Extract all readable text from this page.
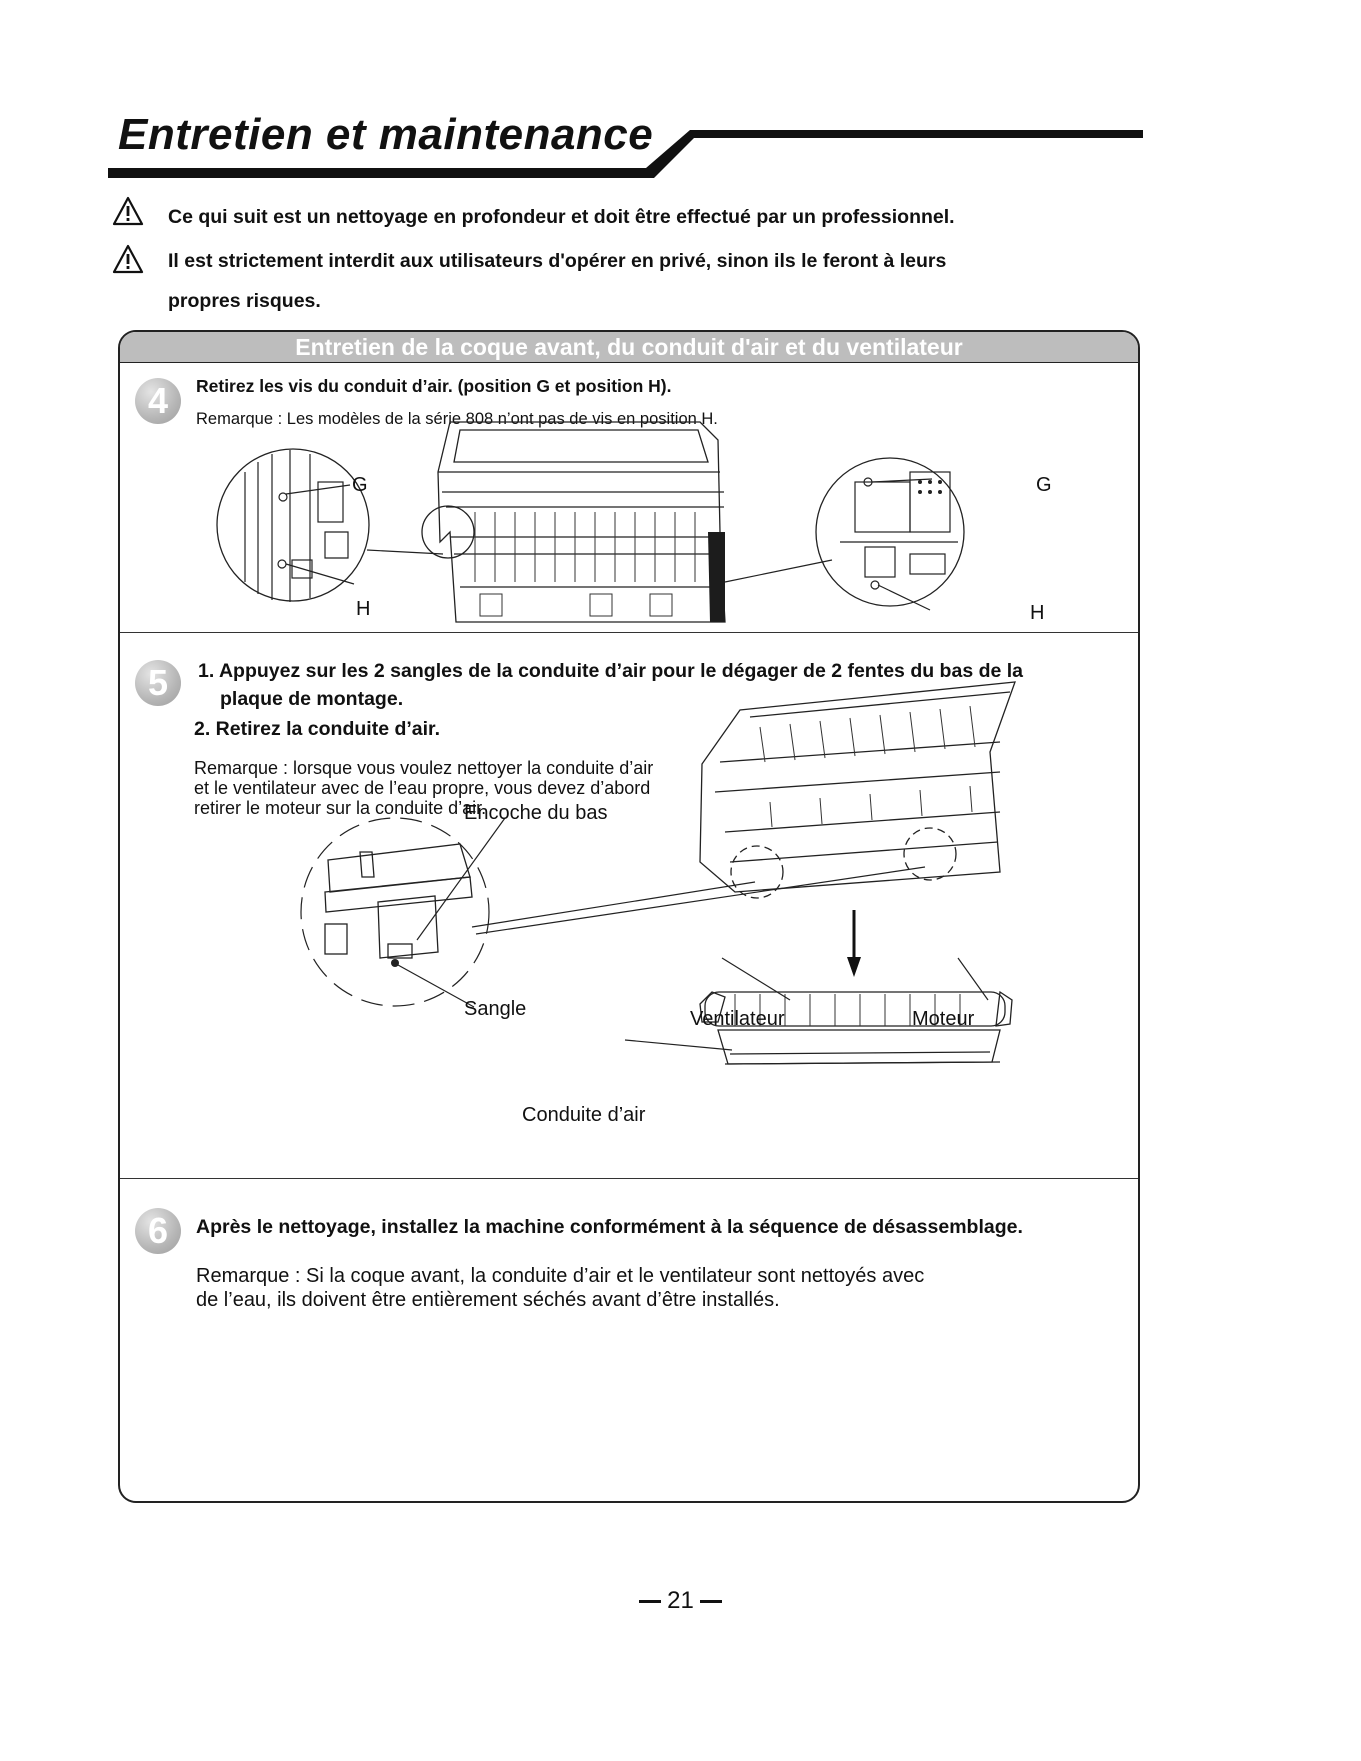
Entretien et maintenance
Ce qui suit est un nettoyage en profondeur et doit être effectué par un professionnel.
Il est strictement interdit aux utilisateurs d'opérer en privé, sinon ils le feront à leurs
propres risques.
Entretien de la coque avant, du conduit d'air et du ventilateur
4	Retirez les vis du conduit d’air. (position G et position H).
Remarque : Les modèles de la série 808 n’ont pas de vis en position H.
G
H
G
H
5	1. Appuyez sur les 2 sangles de la conduite d’air pour le dégager de 2 fentes du bas de la
plaque de montage.
2. Retirez la conduite d’air.
Remarque : lorsque vous voulez nettoyer la conduite d’air
et le ventilateur avec de l’eau propre, vous devez d’abord
retirer le moteur sur la conduite d’air.
Encoche du bas
Sangle	Ventilateur	Moteur
Conduite d’air
6	Après le nettoyage, installez la machine conformément à la séquence de désassemblage.
Remarque : Si la coque avant, la conduite d’air et le ventilateur sont nettoyés avec
de l’eau, ils doivent être entièrement séchés avant d’être installés.
21
